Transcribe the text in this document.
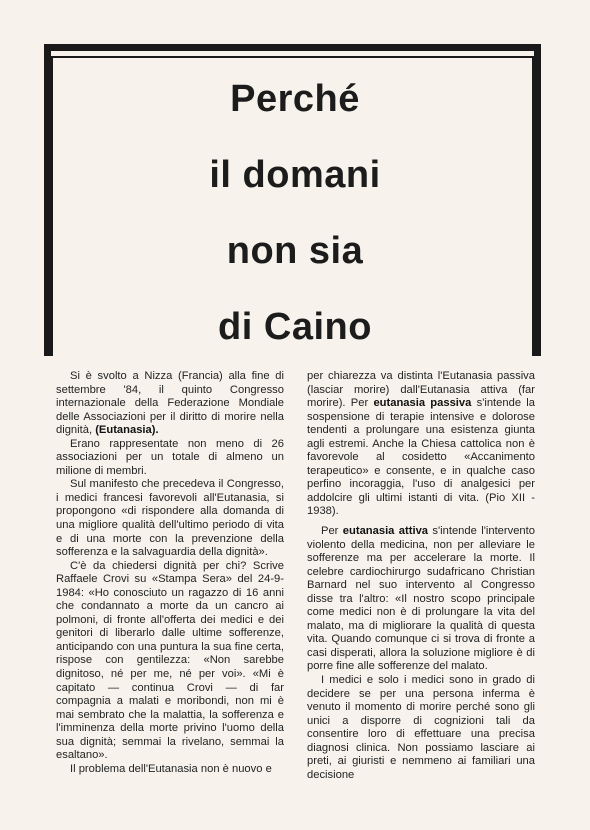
Perché
il domani
non sia
di Caino

Si è svolto a Nizza (Francia) alla fine di settembre '84, il quinto Congresso internazionale della Federazione Mondiale delle Associazioni per il diritto di morire nella dignità, (Eutanasia).

Erano rappresentate non meno di 26 associazioni per un totale di almeno un milione di membri.

Sul manifesto che precedeva il Congresso, i medici francesi favorevoli all'Eutanasia, si propongono «di rispondere alla domanda di una migliore qualità dell'ultimo periodo di vita e di una morte con la prevenzione della sofferenza e la salvaguardia della dignità».

C'è da chiedersi dignità per chi? Scrive Raffaele Crovi su «Stampa Sera» del 24-9-1984: «Ho conosciuto un ragazzo di 16 anni che condannato a morte da un cancro ai polmoni, di fronte all'offerta dei medici e dei genitori di liberarlo dalle ultime sofferenze, anticipando con una puntura la sua fine certa, rispose con gentilezza: «Non sarebbe dignitoso, né per me, né per voi». «Mi è capitato — continua Crovi — di far compagnia a malati e moribondi, non mi è mai sembrato che la malattia, la sofferenza e l'imminenza della morte privino l'uomo della sua dignità; semmai la rivelano, semmai la esaltano».

Il problema dell'Eutanasia non è nuovo e

per chiarezza va distinta l'Eutanasia passiva (lasciar morire) dall'Eutanasia attiva (far morire). Per eutanasia passiva s'intende la sospensione di terapie intensive e dolorose tendenti a prolungare una esistenza giunta agli estremi. Anche la Chiesa cattolica non è favorevole al cosidetto «Accanimento terapeutico» e consente, e in qualche caso perfino incoraggia, l'uso di analgesici per addolcire gli ultimi istanti di vita. (Pio XII - 1938).

Per eutanasia attiva s'intende l'intervento violento della medicina, non per alleviare le sofferenze ma per accelerare la morte. Il celebre cardiochirurgo sudafricano Christian Barnard nel suo intervento al Congresso disse tra l'altro: «Il nostro scopo principale come medici non è di prolungare la vita del malato, ma di migliorare la qualità di questa vita. Quando comunque ci si trova di fronte a casi disperati, allora la soluzione migliore è di porre fine alle sofferenze del malato.

I medici e solo i medici sono in grado di decidere se per una persona inferma è venuto il momento di morire perché sono gli unici a disporre di cognizioni tali da consentire loro di effettuare una precisa diagnosi clinica. Non possiamo lasciare ai preti, ai giuristi e nemmeno ai familiari una decisione
